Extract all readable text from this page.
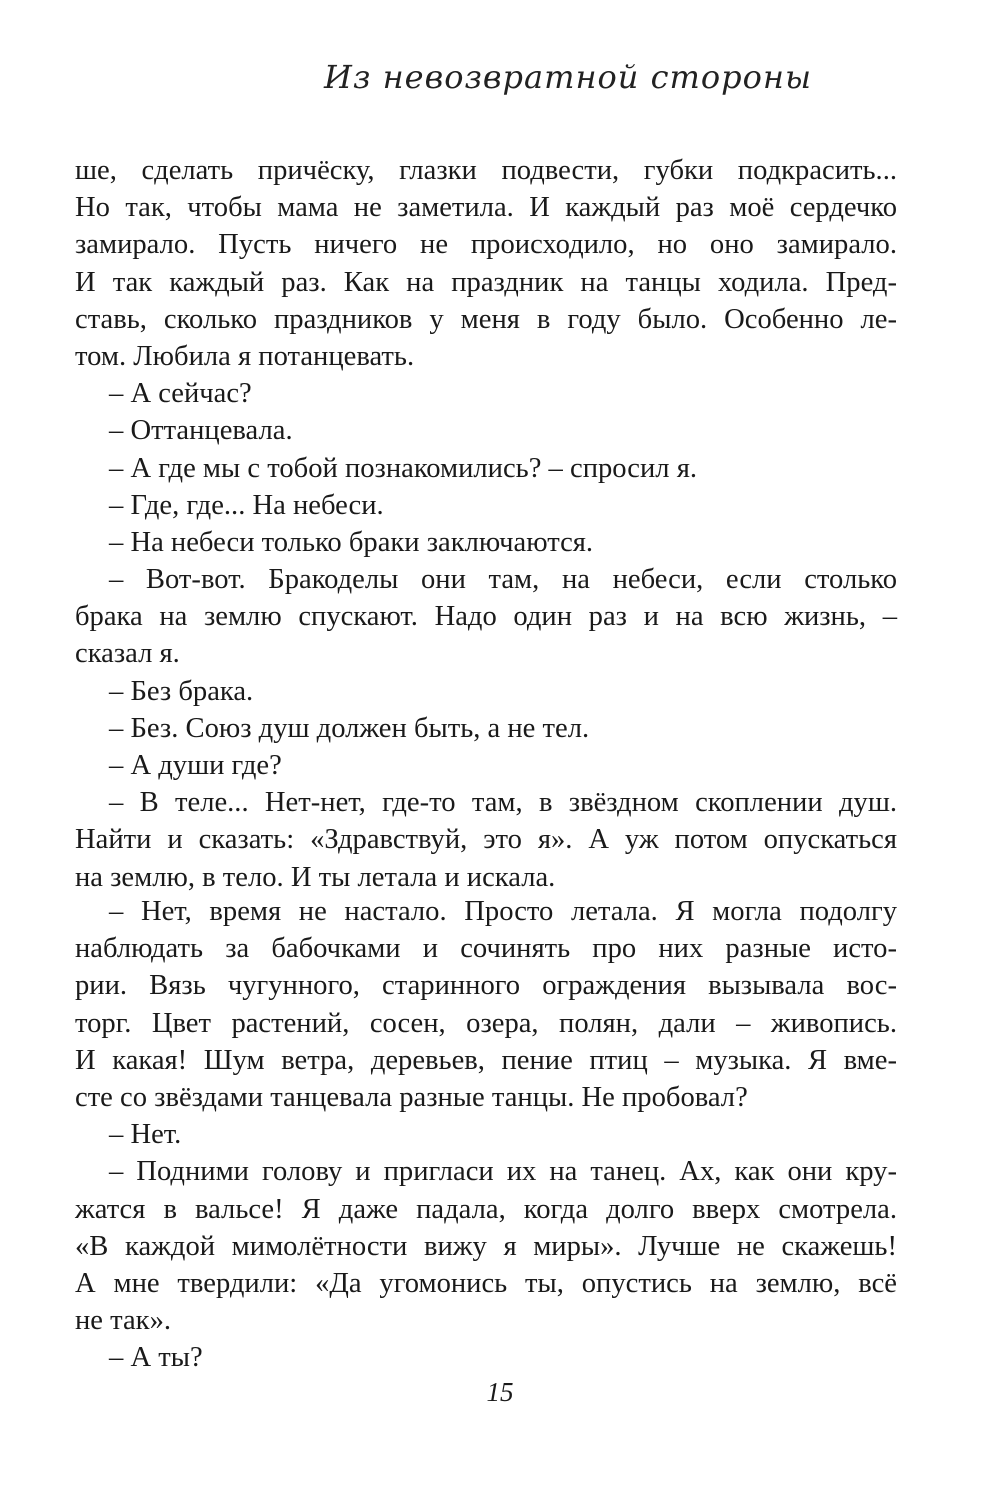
Из невозвратной стороны
ше, сделать причёску, глазки подвести, губки подкрасить...
Но так, чтобы мама не заметила. И каждый раз моё сердечко
замирало. Пусть ничего не происходило, но оно замирало.
И так каждый раз. Как на праздник на танцы ходила. Пред-
ставь, сколько праздников у меня в году было. Особенно ле-
том. Любила я потанцевать.
– А сейчас?
– Оттанцевала.
– А где мы с тобой познакомились? – спросил я.
– Где, где... На небеси.
– На небеси только браки заключаются.
– Вот-вот. Бракоделы они там, на небеси, если столько
брака на землю спускают. Надо один раз и на всю жизнь, –
сказал я.
– Без брака.
– Без. Союз душ должен быть, а не тел.
– А души где?
– В теле... Нет-нет, где-то там, в звёздном скоплении душ.
Найти и сказать: «Здравствуй, это я». А уж потом опускаться
на землю, в тело. И ты летала и искала.
– Нет, время не настало. Просто летала. Я могла подолгу
наблюдать за бабочками и сочинять про них разные исто-
рии. Вязь чугунного, старинного ограждения вызывала вос-
торг. Цвет растений, сосен, озера, полян, дали – живопись.
И какая! Шум ветра, деревьев, пение птиц – музыка. Я вме-
сте со звёздами танцевала разные танцы. Не пробовал?
– Нет.
– Подними голову и пригласи их на танец. Ах, как они кру-
жатся в вальсе! Я даже падала, когда долго вверх смотрела.
«В каждой мимолётности вижу я миры». Лучше не скажешь!
А мне твердили: «Да угомонись ты, опустись на землю, всё
не так».
– А ты?
15
